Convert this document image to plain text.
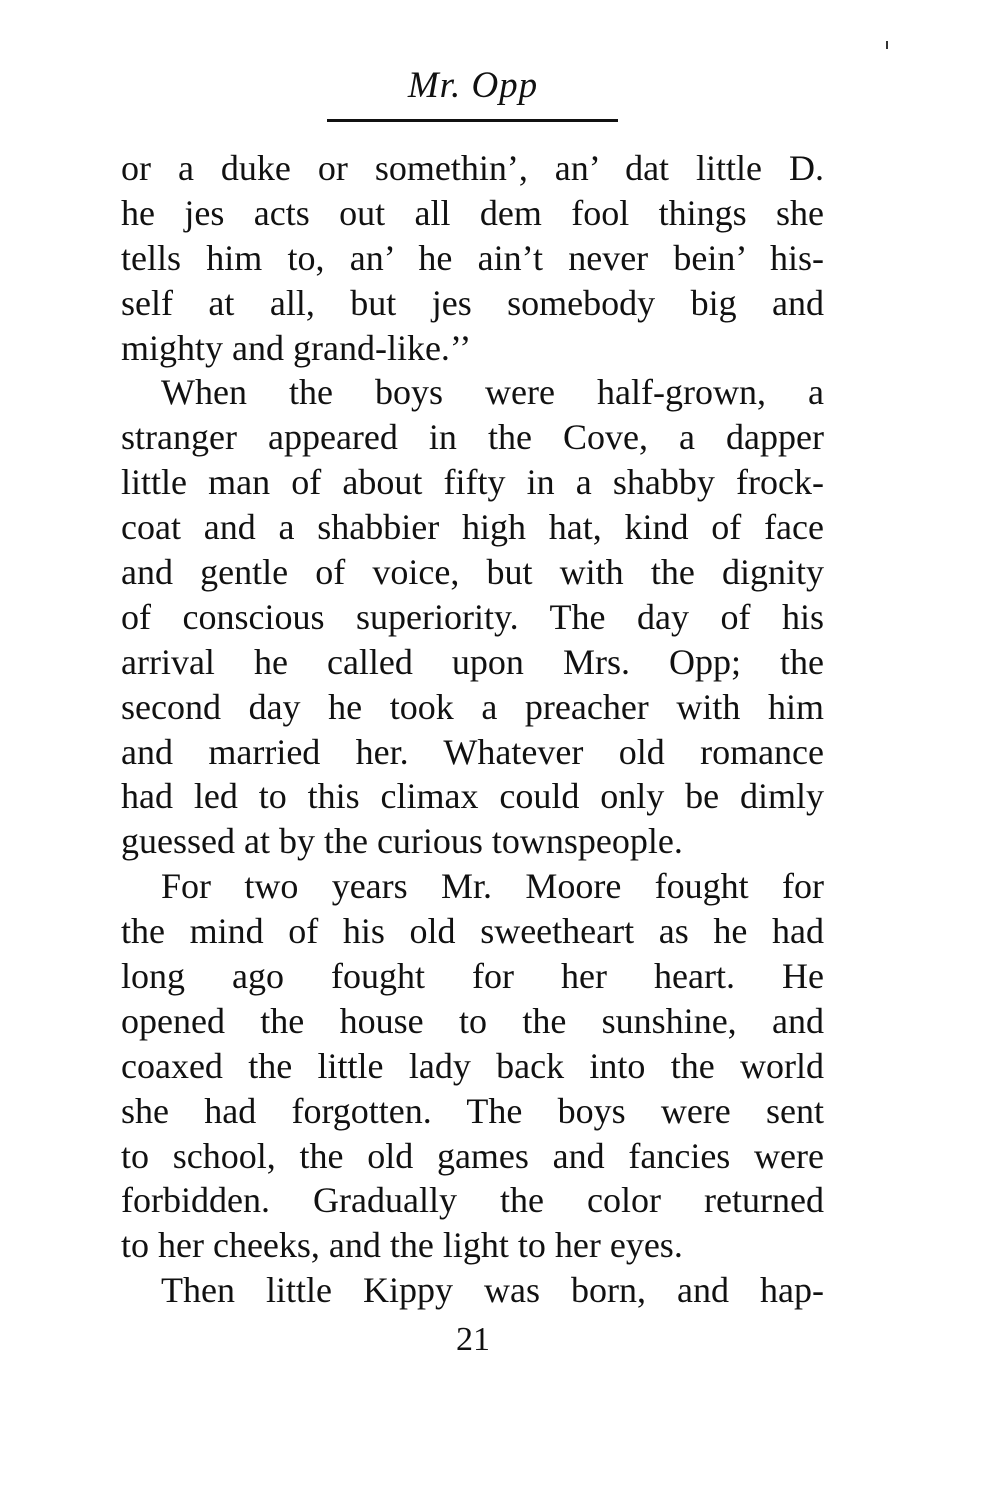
Mr. Opp

or a duke or somethin’, an’ dat little D.
he jes acts out all dem fool things she
tells him to, an’ he ain’t never bein’ his-
self at all, but jes somebody big and
mighty and grand-like.’’

When the boys were half-grown, a
stranger appeared in the Cove, a dapper
little man of about fifty in a shabby frock-
coat and a shabbier high hat, kind of face
and gentle of voice, but with the dignity
of conscious superiority. The day of his
arrival he called upon Mrs. Opp; the
second day he took a preacher with him
and married her. Whatever old romance
had led to this climax could only be dimly
guessed at by the curious townspeople.

For two years Mr. Moore fought for
the mind of his old sweetheart as he had
long ago fought for her heart. He
opened the house to the sunshine, and
coaxed the little lady back into the world
she had forgotten. The boys were sent
to school, the old games and fancies were
forbidden. Gradually the color returned
to her cheeks, and the light to her eyes.

Then little Kippy was born, and hap-

21
